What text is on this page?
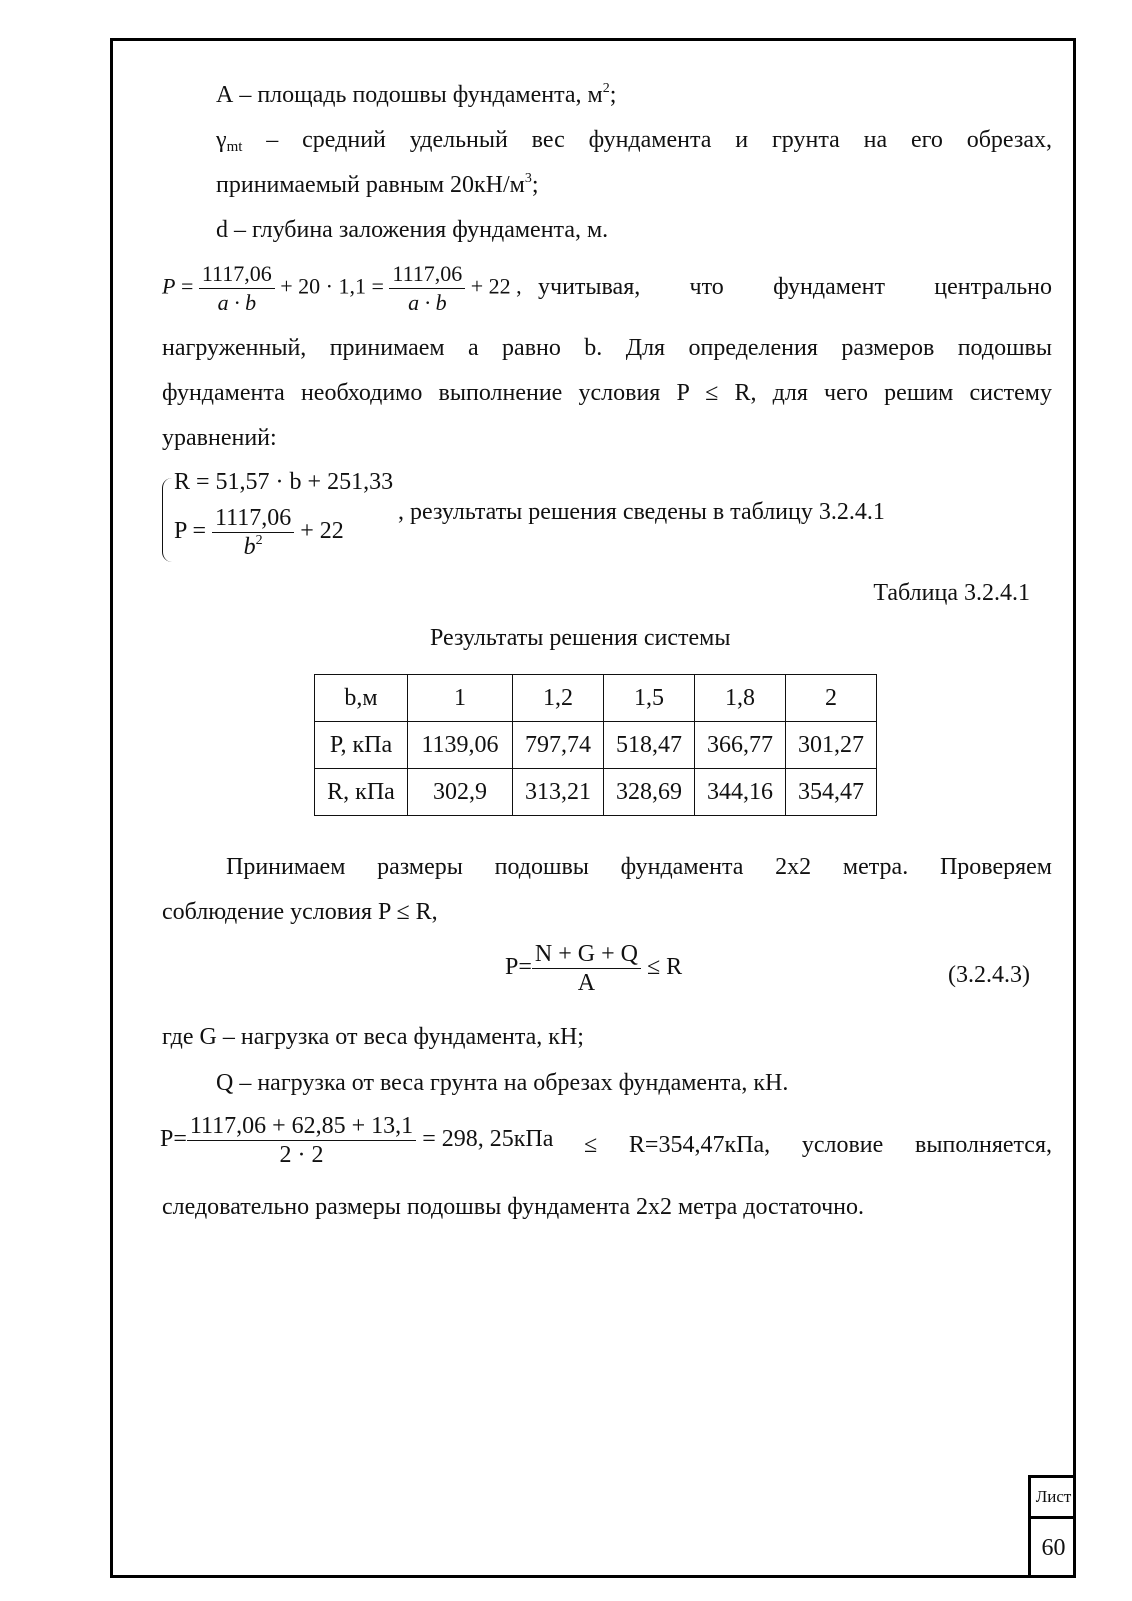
А – площадь подошвы фундамента, $м^2$;
$\gamma_{mt}$ – средний удельный вес фундамента и грунта на его обрезах,
принимаемый равным $20кН/м^3$;
d – глубина заложения фундамента, м.
$P = \frac{1117,06}{a \cdot b} + 20 \cdot 1,1 = \frac{1117,06}{a \cdot b} + 22$ , учитывая, что фундамент центрально
нагруженный, принимаем а равно b. Для определения размеров подошвы
фундамента необходимо выполнение условия P ≤ R, для чего решим систему
уравнений:
R = 51,57 · b + 251,33
$P = \frac{1117,06}{b^2} + 22$
, результаты решения сведены в таблицу 3.2.4.1
Таблица 3.2.4.1
Результаты решения системы
b,м	1	1,2	1,5	1,8	2
P, кПа	1139,06	797,74	518,47	366,77	301,27
R, кПа	302,9	313,21	328,69	344,16	354,47
Принимаем размеры подошвы фундамента 2х2 метра. Проверяем
соблюдение условия P ≤ R,
$P= \frac{N + G + Q}{A} \le R$	(3.2.4.3)
где G – нагрузка от веса фундамента, кН;
Q – нагрузка от веса грунта на обрезах фундамента, кН.
$P= \frac{1117,06 + 62,85 + 13,1}{2 \cdot 2} = 298$, 25кПа ≤ R=354,47кПа, условие выполняется,
следовательно размеры подошвы фундамента 2х2 метра достаточно.
Лист
60
